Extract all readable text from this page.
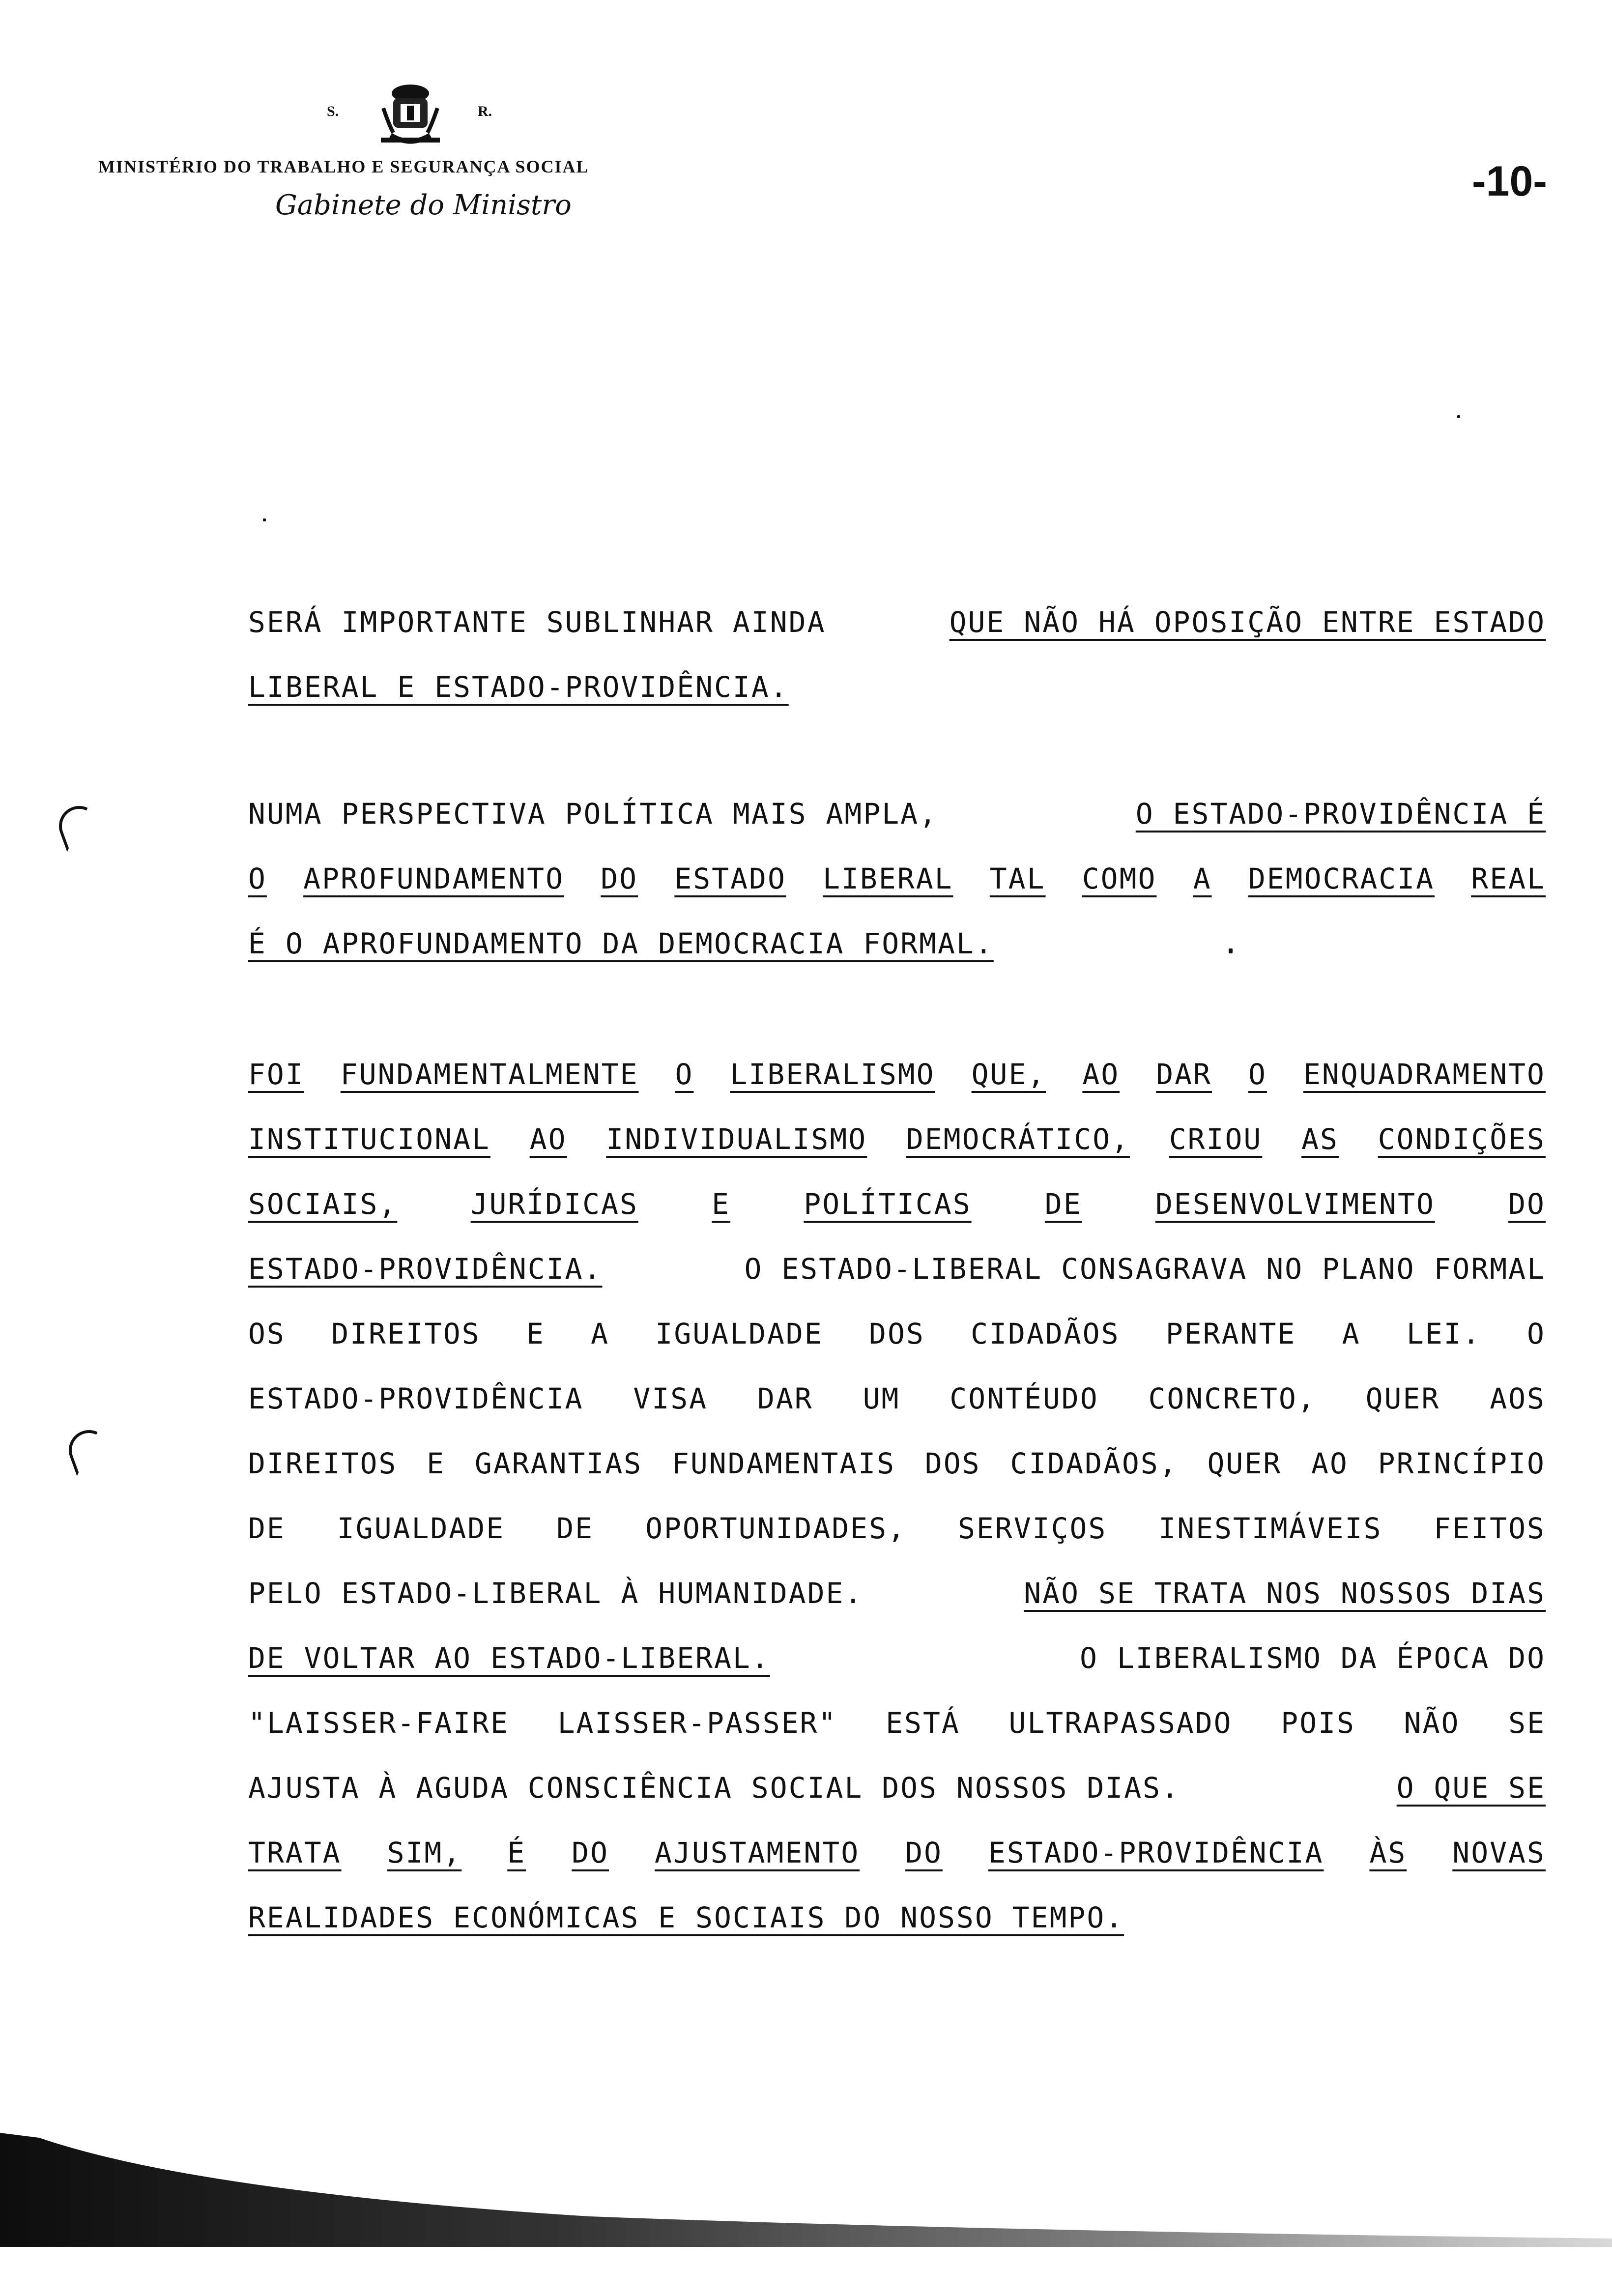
S.	R.
MINISTÉRIO DO TRABALHO E SEGURANÇA SOCIAL
Gabinete do Ministro
-10-
SERÁ IMPORTANTE SUBLINHAR AINDA	QUE NÃO HÁ OPOSIÇÃO ENTRE ESTADO
LIBERAL E ESTADO-PROVIDÊNCIA.
NUMA PERSPECTIVA POLÍTICA MAIS AMPLA,	O ESTADO-PROVIDÊNCIA É
O APROFUNDAMENTO DO ESTADO LIBERAL TAL COMO A DEMOCRACIA REAL
É O APROFUNDAMENTO DA DEMOCRACIA FORMAL.
FOI FUNDAMENTALMENTE O LIBERALISMO QUE, AO DAR O ENQUADRAMENTO
INSTITUCIONAL AO INDIVIDUALISMO DEMOCRÁTICO, CRIOU AS CONDIÇÕES
SOCIAIS,	JURÍDICAS	E	POLÍTICAS	DE	DESENVOLVIMENTO	DO
ESTADO-PROVIDÊNCIA.	O ESTADO-LIBERAL CONSAGRAVA NO PLANO FORMAL
OS DIREITOS E A IGUALDADE DOS CIDADÃOS PERANTE A LEI. O
ESTADO-PROVIDÊNCIA VISA DAR UM CONTÉUDO CONCRETO, QUER AOS
DIREITOS E GARANTIAS FUNDAMENTAIS DOS CIDADÃOS, QUER AO PRINCÍPIO
DE IGUALDADE DE OPORTUNIDADES, SERVIÇOS INESTIMÁVEIS FEITOS
PELO ESTADO-LIBERAL À HUMANIDADE.	NÃO SE TRATA NOS NOSSOS DIAS
DE VOLTAR AO ESTADO-LIBERAL.	O LIBERALISMO DA ÉPOCA DO
"LAISSER-FAIRE LAISSER-PASSER" ESTÁ ULTRAPASSADO POIS NÃO SE
AJUSTA À AGUDA CONSCIÊNCIA SOCIAL DOS NOSSOS DIAS.	O QUE SE
TRATA SIM, É DO AJUSTAMENTO DO ESTADO-PROVIDÊNCIA ÀS NOVAS
REALIDADES ECONÓMICAS E SOCIAIS DO NOSSO TEMPO.
